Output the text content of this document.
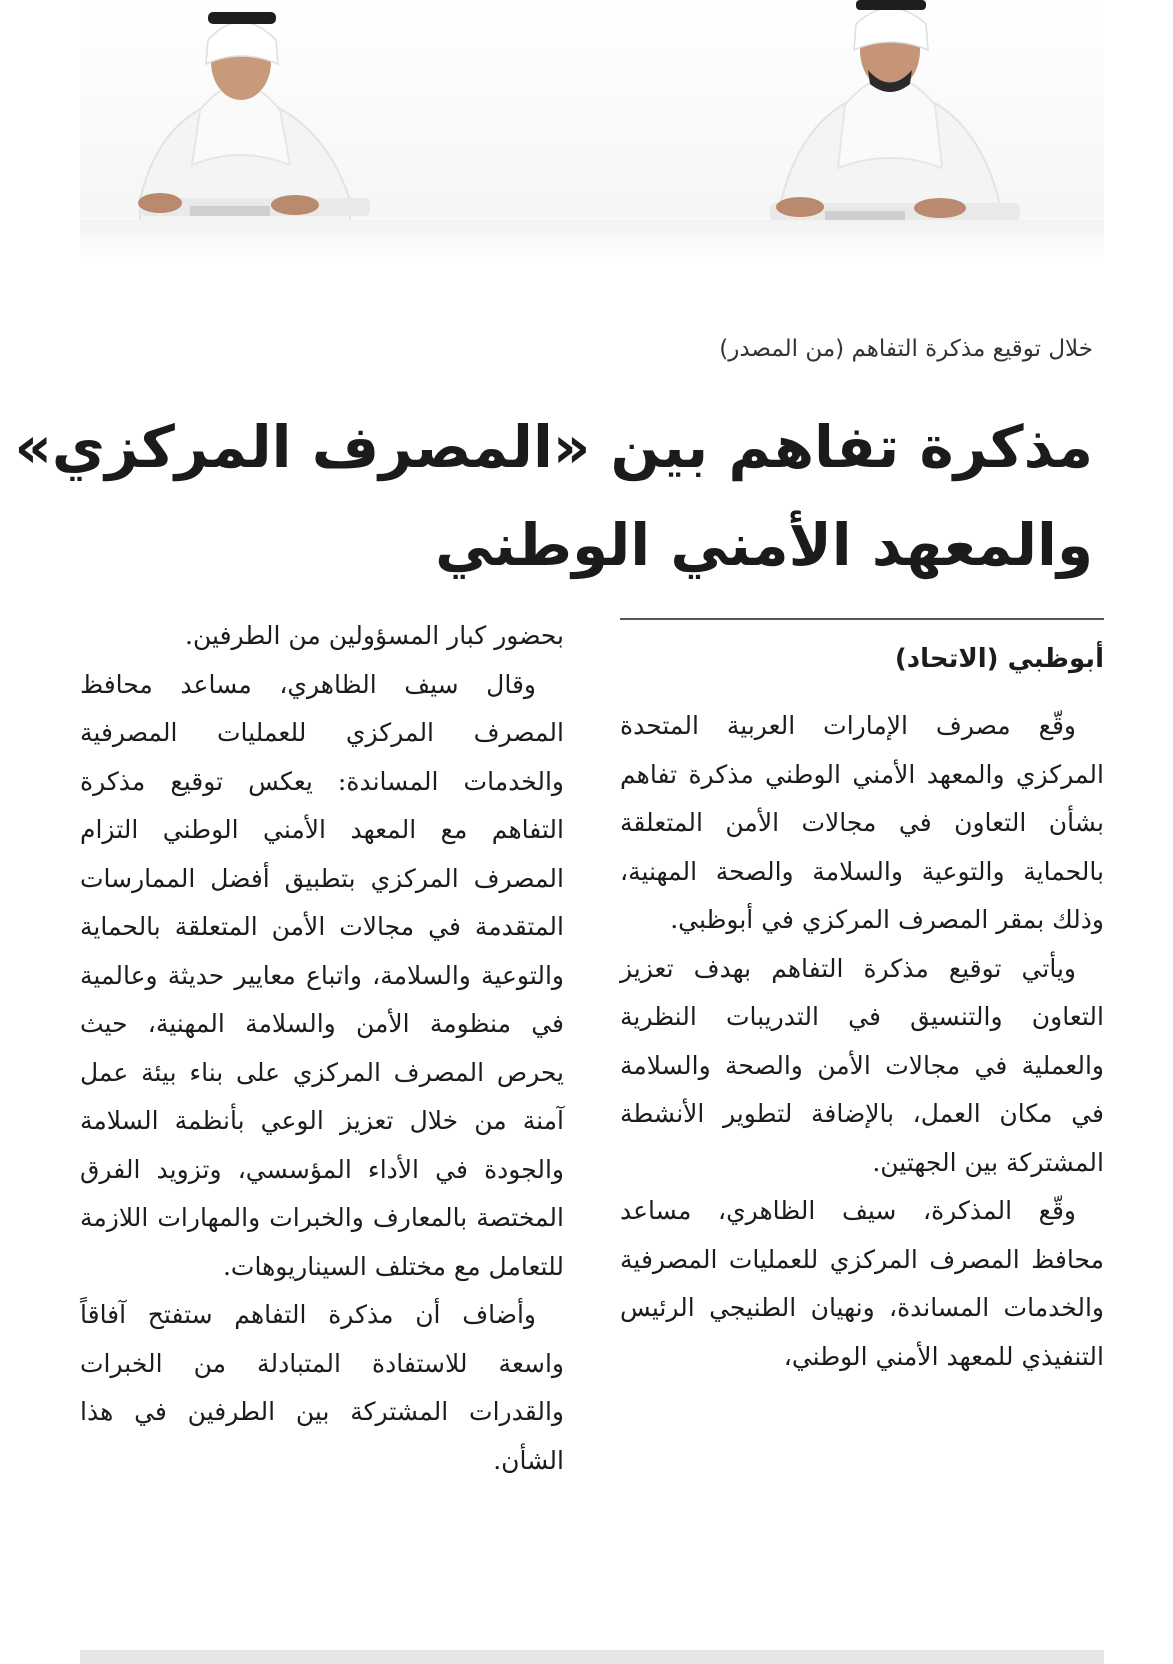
خلال توقيع مذكرة التفاهم (من المصدر)
مذكرة تفاهم بين «المصرف المركزي»
والمعهد الأمني الوطني
أبوظبي (الاتحاد)

وقّع مصرف الإمارات العربية المتحدة المركزي والمعهد الأمني الوطني مذكرة تفاهم بشأن التعاون في مجالات الأمن المتعلقة بالحماية والتوعية والسلامة والصحة المهنية، وذلك بمقر المصرف المركزي في أبوظبي.

ويأتي توقيع مذكرة التفاهم بهدف تعزيز التعاون والتنسيق في التدريبات النظرية والعملية في مجالات الأمن والصحة والسلامة في مكان العمل، بالإضافة لتطوير الأنشطة المشتركة بين الجهتين.

وقّع المذكرة، سيف الظاهري، مساعد محافظ المصرف المركزي للعمليات المصرفية والخدمات المساندة، ونهيان الطنيجي الرئيس التنفيذي للمعهد الأمني الوطني،

بحضور كبار المسؤولين من الطرفين.

وقال سيف الظاهري، مساعد محافظ المصرف المركزي للعمليات المصرفية والخدمات المساندة: يعكس توقيع مذكرة التفاهم مع المعهد الأمني الوطني التزام المصرف المركزي بتطبيق أفضل الممارسات المتقدمة في مجالات الأمن المتعلقة بالحماية والتوعية والسلامة، واتباع معايير حديثة وعالمية في منظومة الأمن والسلامة المهنية، حيث يحرص المصرف المركزي على بناء بيئة عمل آمنة من خلال تعزيز الوعي بأنظمة السلامة والجودة في الأداء المؤسسي، وتزويد الفرق المختصة بالمعارف والخبرات والمهارات اللازمة للتعامل مع مختلف السيناريوهات.

وأضاف أن مذكرة التفاهم ستفتح آفاقاً واسعة للاستفادة المتبادلة من الخبرات والقدرات المشتركة بين الطرفين في هذا الشأن.
